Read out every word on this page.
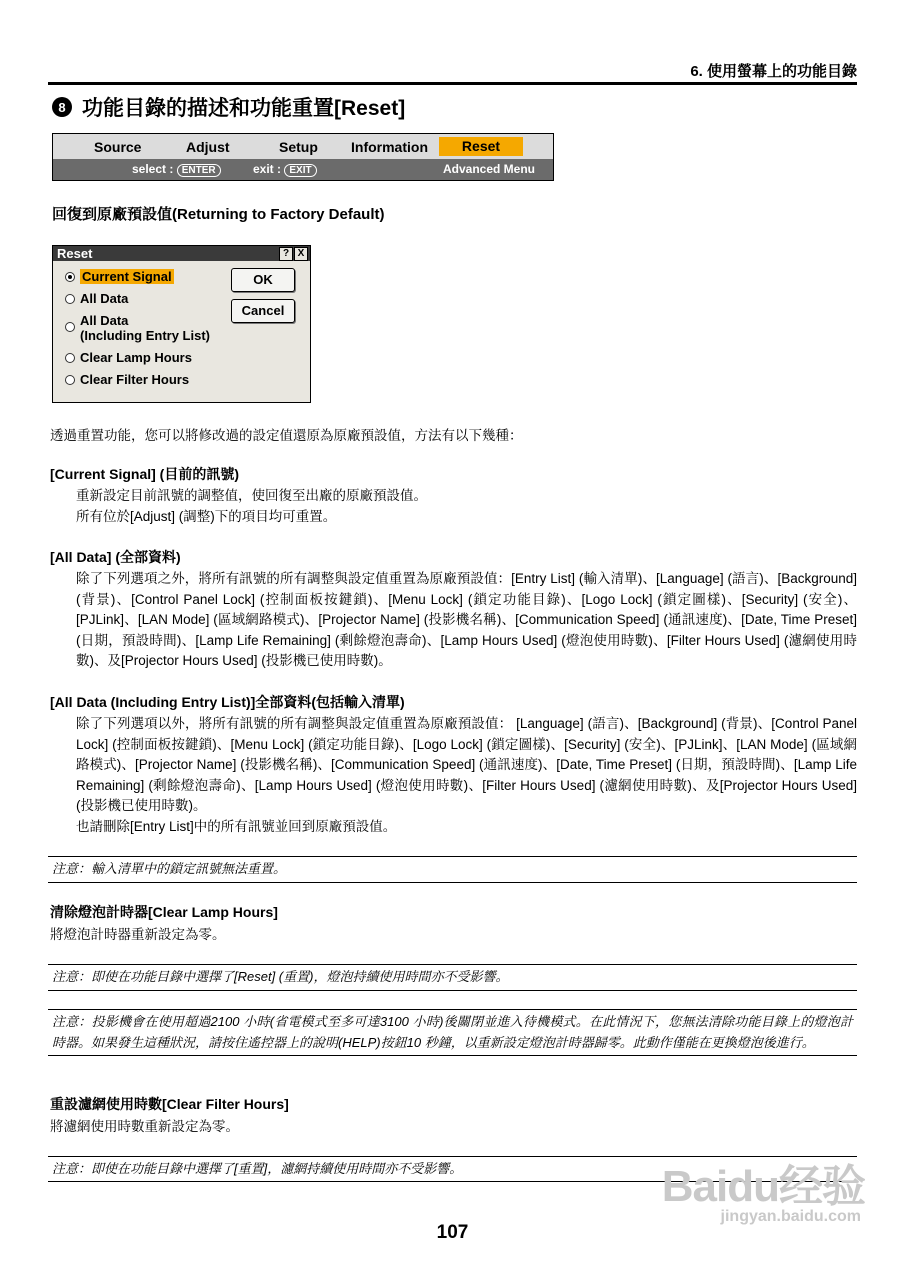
6. 使用螢幕上的功能目錄
8 功能目錄的描述和功能重置[Reset]
Source	Adjust	Setup Information	Reset
select : ENTER	exit : EXIT	Advanced Menu
回復到原廠預設值(Returning to Factory Default)
Reset	? X
Current Signal
All Data
All Data
(Including Entry List)
Clear Lamp Hours
Clear Filter Hours
OK
Cancel
透過重置功能，您可以將修改過的設定值還原為原廠預設值，方法有以下幾種：
[Current Signal] (目前的訊號)
重新設定目前訊號的調整值，使回復至出廠的原廠預設值。
所有位於[Adjust] (調整)下的項目均可重置。
[All Data] (全部資料)
除了下列選項之外，將所有訊號的所有調整與設定值重置為原廠預設值：[Entry List] (輸入清單)、[Language] (語言)、[Background] (背景)、[Control Panel Lock] (控制面板按鍵鎖)、[Menu Lock] (鎖定功能目錄)、[Logo Lock] (鎖定圖樣)、[Security] (安全)、[PJLink]、[LAN Mode] (區域網路模式)、[Projector Name] (投影機名稱)、[Communication Speed] (通訊速度)、[Date, Time Preset] (日期，預設時間)、[Lamp Life Remaining] (剩餘燈泡壽命)、[Lamp Hours Used] (燈泡使用時數)、[Filter Hours Used] (濾網使用時數)、及[Projector Hours Used] (投影機已使用時數)。
[All Data (Including Entry List)]全部資料(包括輸入清單)
除了下列選項以外，將所有訊號的所有調整與設定值重置為原廠預設值： [Language] (語言)、[Background] (背景)、[Control Panel Lock] (控制面板按鍵鎖)、[Menu Lock] (鎖定功能目錄)、[Logo Lock] (鎖定圖樣)、[Security] (安全)、[PJLink]、[LAN Mode] (區域網路模式)、[Projector Name] (投影機名稱)、[Communication Speed] (通訊速度)、[Date, Time Preset] (日期，預設時間)、[Lamp Life Remaining] (剩餘燈泡壽命)、[Lamp Hours Used] (燈泡使用時數)、[Filter Hours Used] (濾網使用時數)、及[Projector Hours Used] (投影機已使用時數)。
也請刪除[Entry List]中的所有訊號並回到原廠預設值。
注意：輸入清單中的鎖定訊號無法重置。
清除燈泡計時器[Clear Lamp Hours]
將燈泡計時器重新設定為零。
注意：即使在功能目錄中選擇了[Reset] (重置)，燈泡持續使用時間亦不受影響。
注意：投影機會在使用超過2100 小時(省電模式至多可達3100 小時)後關閉並進入待機模式。在此情況下，您無法清除功能目錄上的燈泡計時器。如果發生這種狀況，請按住遙控器上的說明(HELP)按鈕10 秒鐘，以重新設定燈泡計時器歸零。此動作僅能在更換燈泡後進行。
重設濾網使用時數[Clear Filter Hours]
將濾網使用時數重新設定為零。
注意：即使在功能目錄中選擇了[重置]，濾網持續使用時間亦不受影響。	Baidu经验
jingyan.baidu.com
107
